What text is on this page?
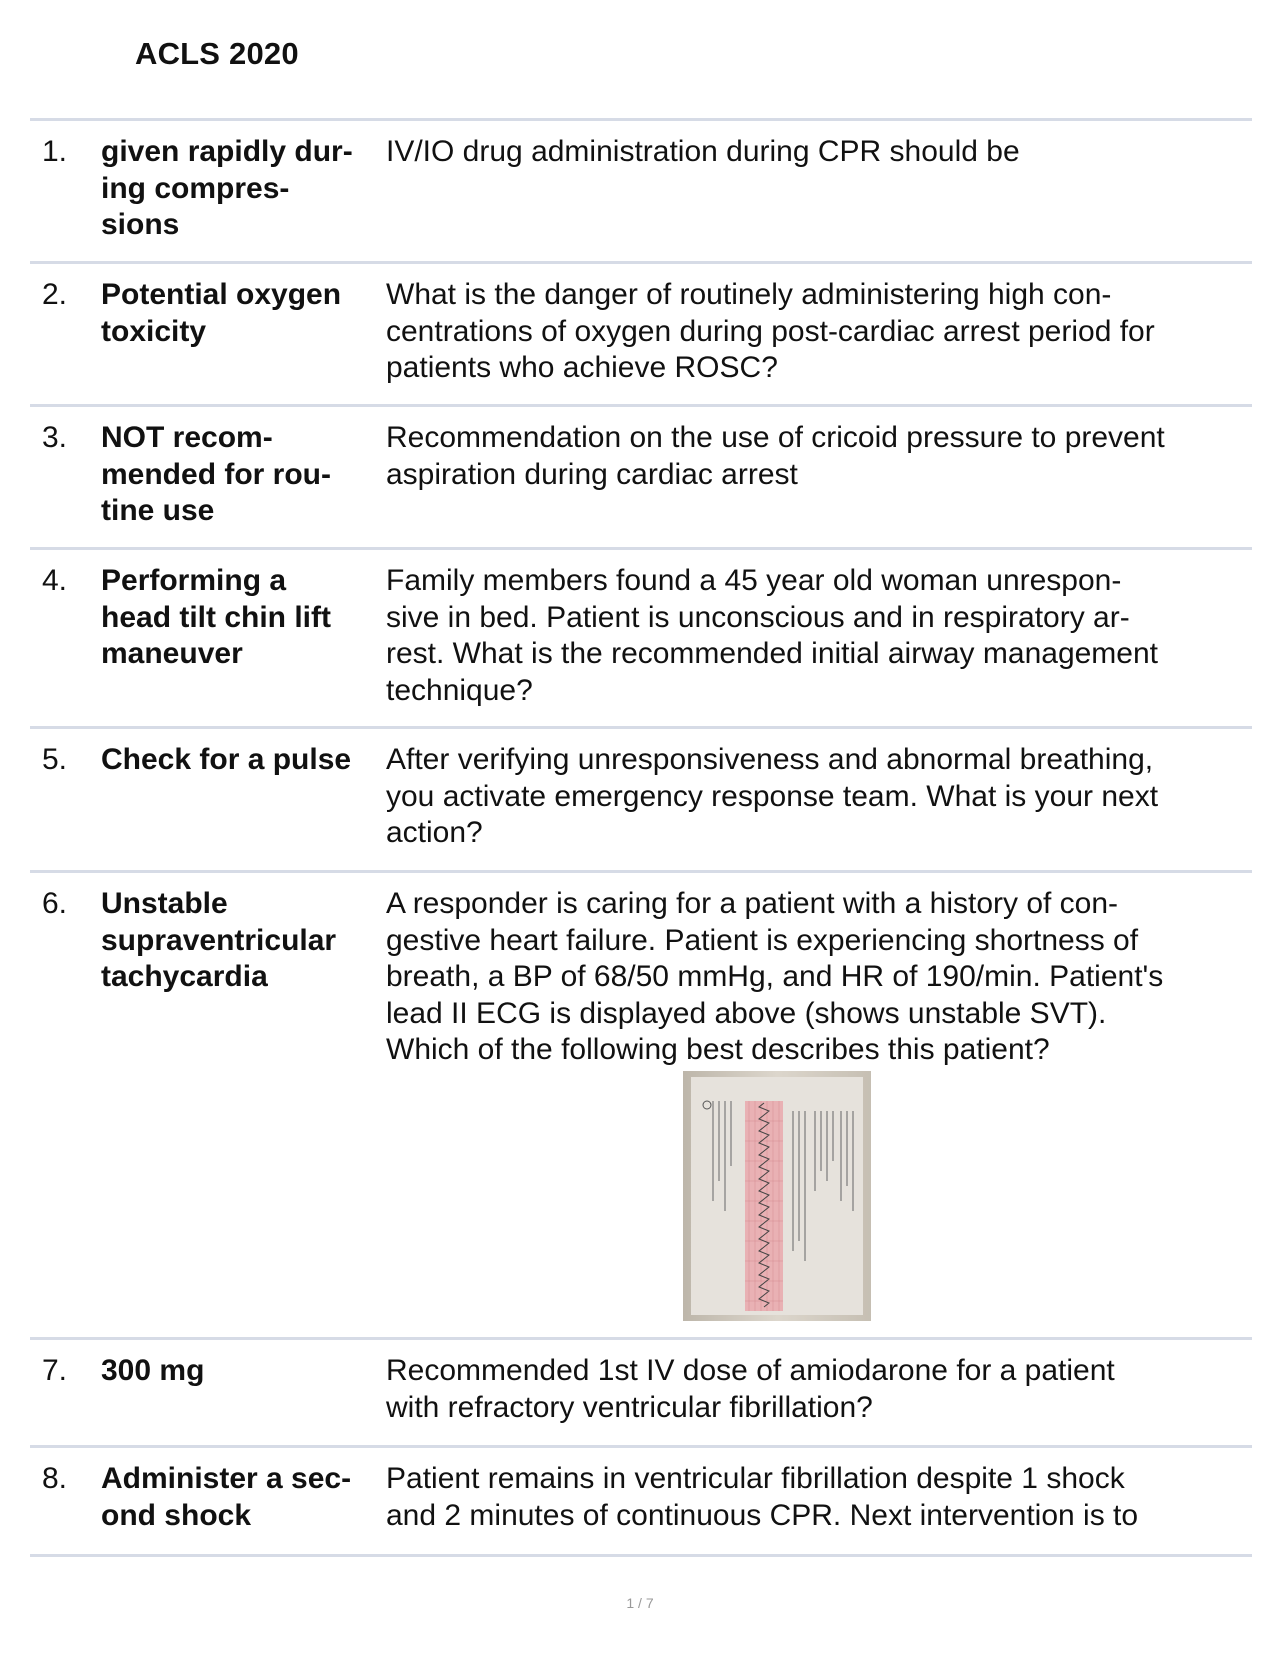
ACLS 2020
1. given rapidly dur-
ing compres-
sions
IV/IO drug administration during CPR should be
2. Potential oxygen
toxicity
What is the danger of routinely administering high con-
centrations of oxygen during post-cardiac arrest period for
patients who achieve ROSC?
3. NOT recom-
mended for rou-
tine use
Recommendation on the use of cricoid pressure to prevent
aspiration during cardiac arrest
4. Performing a
head tilt chin lift
maneuver
Family members found a 45 year old woman unrespon-
sive in bed. Patient is unconscious and in respiratory ar-
rest. What is the recommended initial airway management
technique?
5. Check for a pulse	After verifying unresponsiveness and abnormal breathing,
you activate emergency response team. What is your next
action?
6. Unstable
supraventricular
tachycardia
A responder is caring for a patient with a history of con-
gestive heart failure. Patient is experiencing shortness of
breath, a BP of 68/50 mmHg, and HR of 190/min. Patient's
lead II ECG is displayed above (shows unstable SVT).
Which of the following best describes this patient?
7. 300 mg	Recommended 1st IV dose of amiodarone for a patient
with refractory ventricular fibrillation?
8. Administer a sec-
ond shock
Patient remains in ventricular fibrillation despite 1 shock
and 2 minutes of continuous CPR. Next intervention is to
1 / 7
